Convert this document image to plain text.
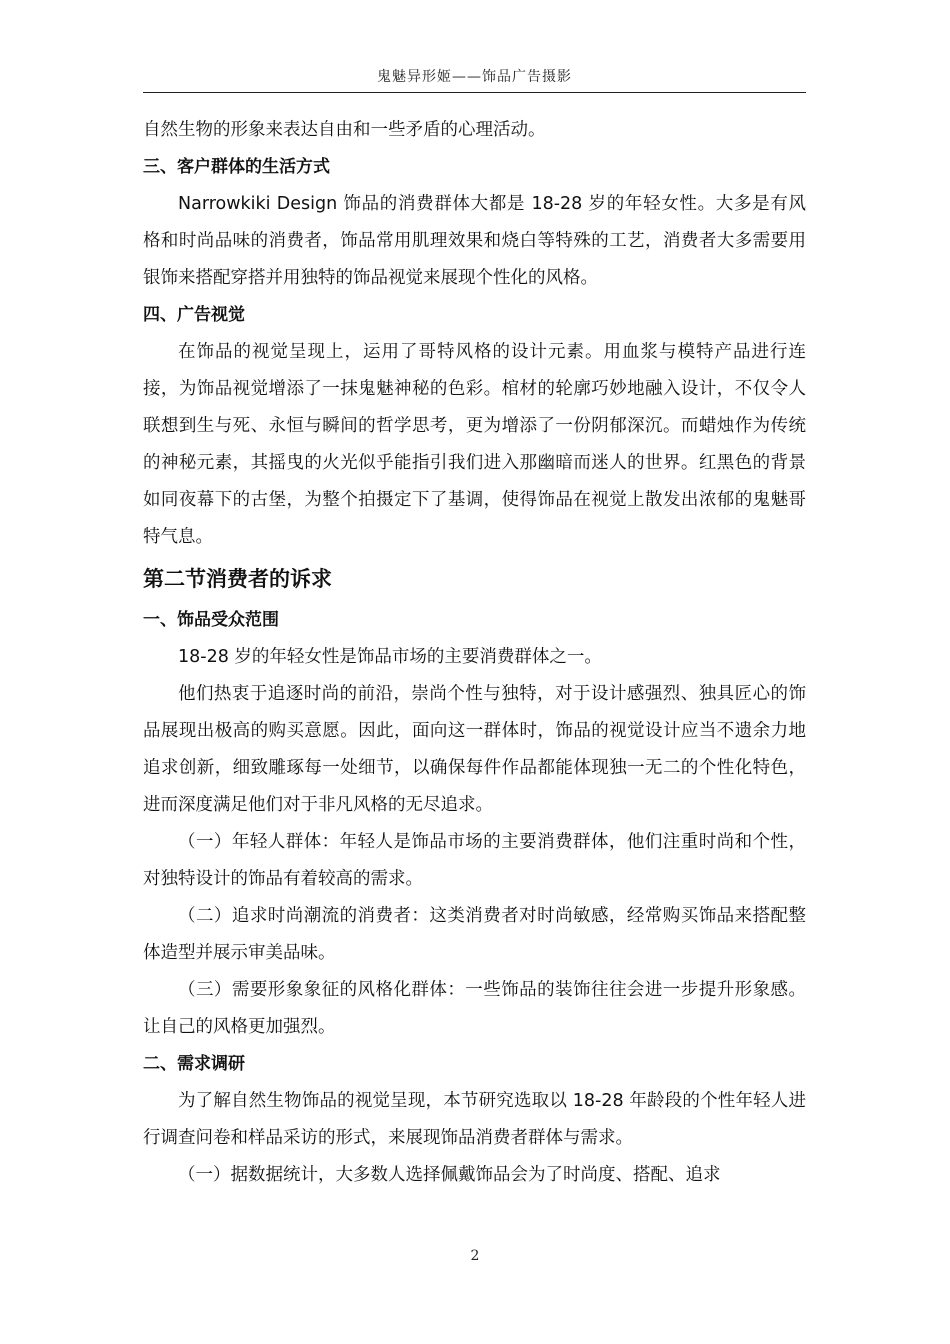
鬼魅异形姬——饰品广告摄影

自然生物的形象来表达自由和一些矛盾的心理活动。

三、客户群体的生活方式

Narrowkiki Design 饰品的消费群体大都是 18-28 岁的年轻女性。大多是有风格和时尚品味的消费者，饰品常用肌理效果和烧白等特殊的工艺，消费者大多需要用银饰来搭配穿搭并用独特的饰品视觉来展现个性化的风格。

四、广告视觉

在饰品的视觉呈现上，运用了哥特风格的设计元素。用血浆与模特产品进行连接，为饰品视觉增添了一抹鬼魅神秘的色彩。棺材的轮廓巧妙地融入设计，不仅令人联想到生与死、永恒与瞬间的哲学思考，更为增添了一份阴郁深沉。而蜡烛作为传统的神秘元素，其摇曳的火光似乎能指引我们进入那幽暗而迷人的世界。红黑色的背景如同夜幕下的古堡，为整个拍摄定下了基调，使得饰品在视觉上散发出浓郁的鬼魅哥特气息。

第二节消费者的诉求
一、饰品受众范围

18-28 岁的年轻女性是饰品市场的主要消费群体之一。

他们热衷于追逐时尚的前沿，崇尚个性与独特，对于设计感强烈、独具匠心的饰品展现出极高的购买意愿。因此，面向这一群体时，饰品的视觉设计应当不遗余力地追求创新，细致雕琢每一处细节，以确保每件作品都能体现独一无二的个性化特色，进而深度满足他们对于非凡风格的无尽追求。

（一）年轻人群体：年轻人是饰品市场的主要消费群体，他们注重时尚和个性，对独特设计的饰品有着较高的需求。

（二）追求时尚潮流的消费者：这类消费者对时尚敏感，经常购买饰品来搭配整体造型并展示审美品味。

（三）需要形象象征的风格化群体：一些饰品的装饰往往会进一步提升形象感。让自己的风格更加强烈。

二、需求调研

为了解自然生物饰品的视觉呈现，本节研究选取以 18-28 年龄段的个性年轻人进行调查问卷和样品采访的形式，来展现饰品消费者群体与需求。

（一）据数据统计，大多数人选择佩戴饰品会为了时尚度、搭配、追求

2
